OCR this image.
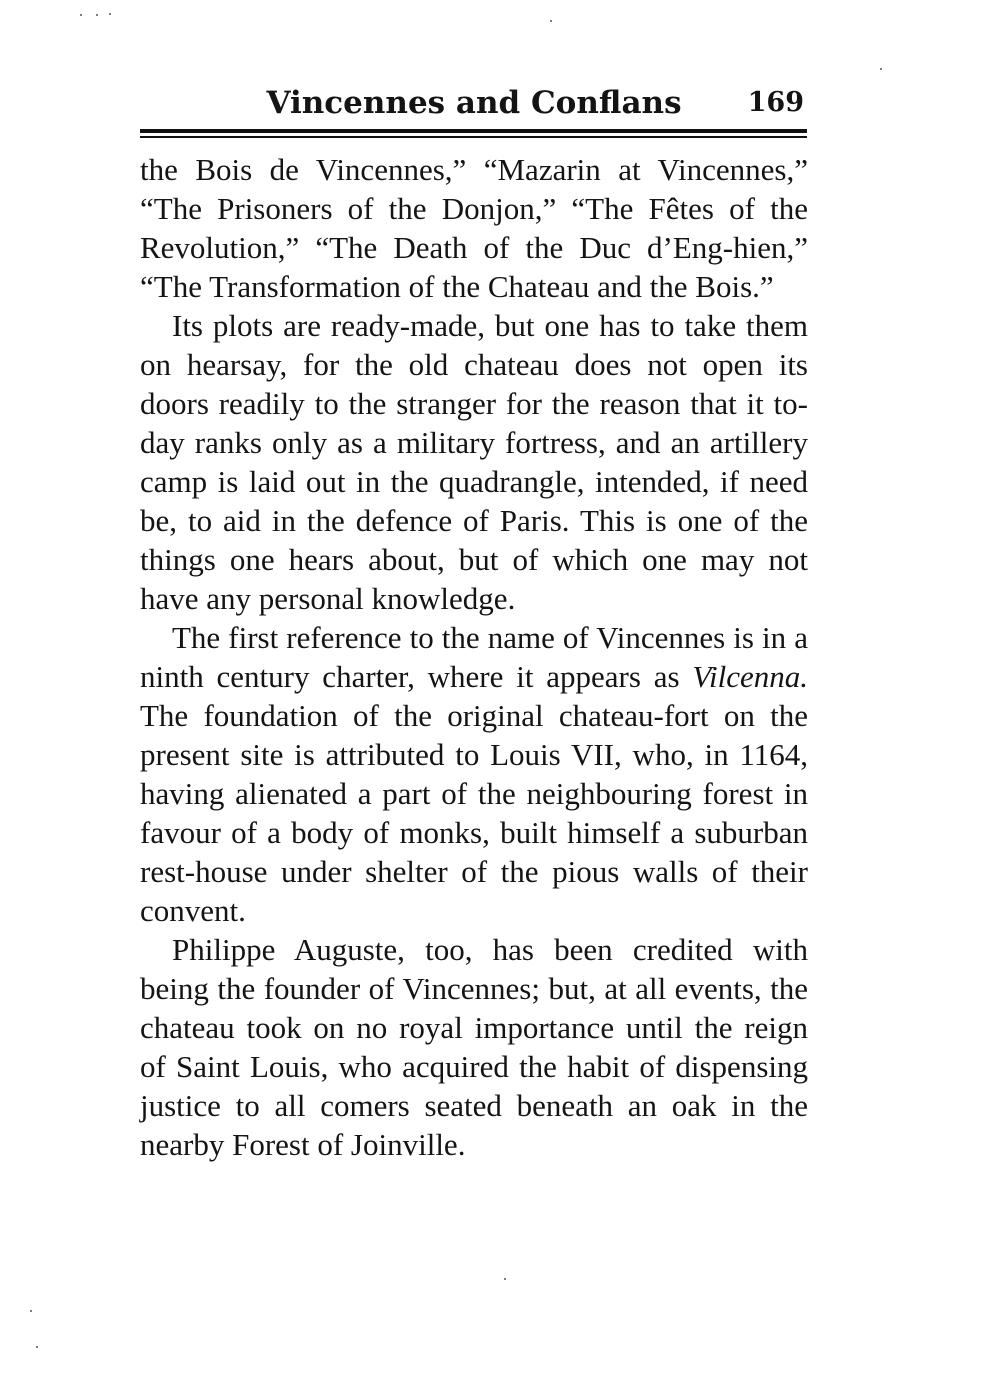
Vincennes and Conflans	169

the Bois de Vincennes,” “Mazarin at Vincennes,” “The Prisoners of the Donjon,” “The Fêtes of the Revolution,” “The Death of the Duc d’Eng-hien,” “The Transformation of the Chateau and the Bois.”

Its plots are ready-made, but one has to take them on hearsay, for the old chateau does not open its doors readily to the stranger for the reason that it to-day ranks only as a military fortress, and an artillery camp is laid out in the quadrangle, intended, if need be, to aid in the defence of Paris. This is one of the things one hears about, but of which one may not have any personal knowledge.

The first reference to the name of Vincennes is in a ninth century charter, where it appears as Vilcenna. The foundation of the original chateau-fort on the present site is attributed to Louis VII, who, in 1164, having alienated a part of the neighbouring forest in favour of a body of monks, built himself a suburban rest-house under shelter of the pious walls of their convent.

Philippe Auguste, too, has been credited with being the founder of Vincennes; but, at all events, the chateau took on no royal importance until the reign of Saint Louis, who acquired the habit of dispensing justice to all comers seated beneath an oak in the nearby Forest of Joinville.
